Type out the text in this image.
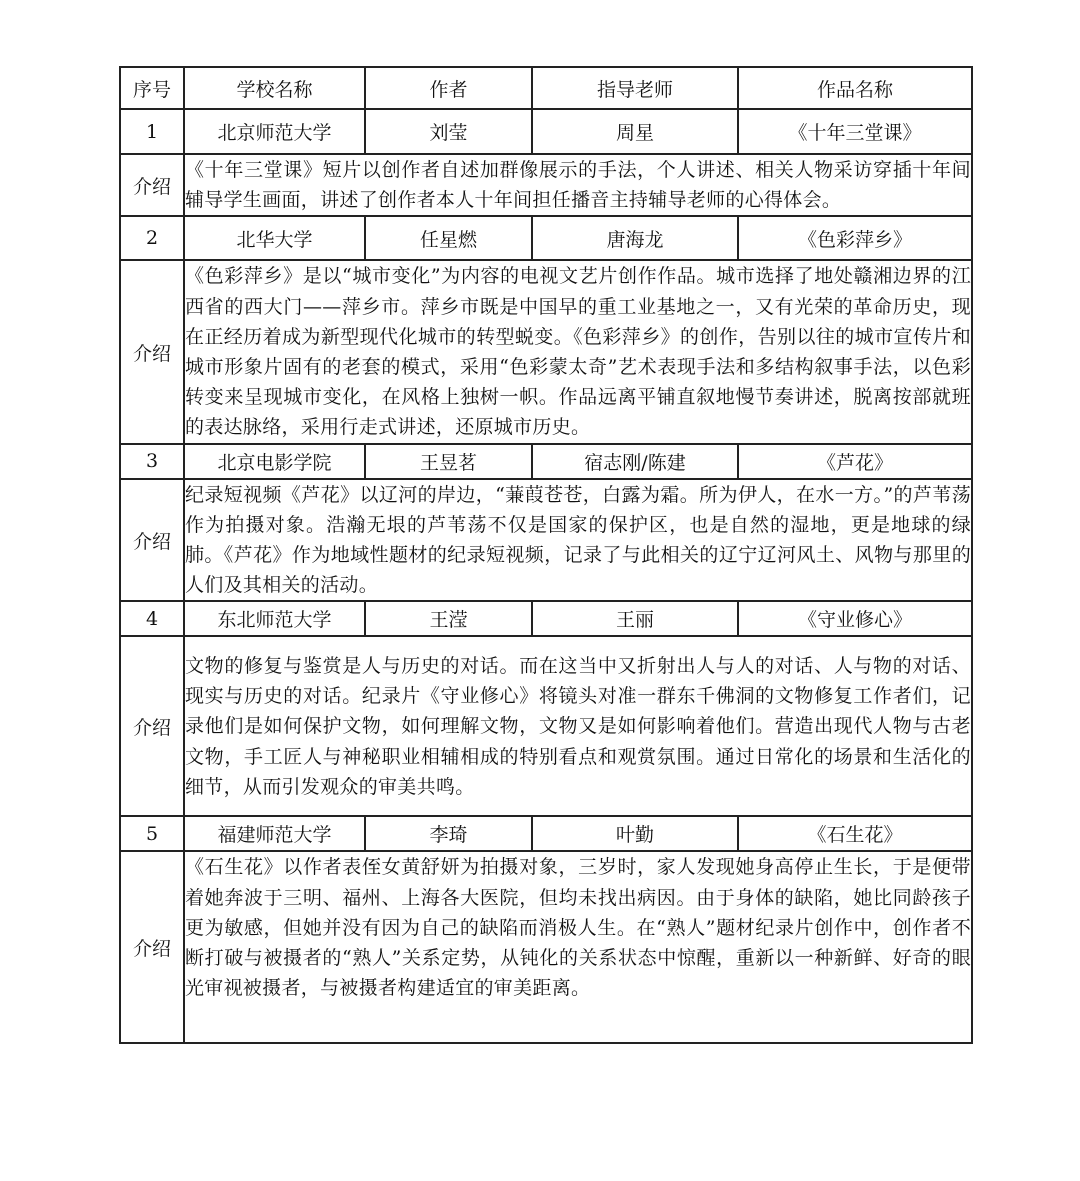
序号	学校名称	作者	指导老师	作品名称
1	北京师范大学	刘莹	周星	《十年三堂课》
介绍	《十年三堂课》短片以创作者自述加群像展示的手法，个人讲述、相关人物采访穿插十年间辅导学生画面，讲述了创作者本人十年间担任播音主持辅导老师的心得体会。			
2	北华大学	任星燃	唐海龙	《色彩萍乡》
介绍	《色彩萍乡》是以“城市变化”为内容的电视文艺片创作作品。城市选择了地处赣湘边界的江西省的西大门——萍乡市。萍乡市既是中国早的重工业基地之一，又有光荣的革命历史，现在正经历着成为新型现代化城市的转型蜕变。《色彩萍乡》的创作，告别以往的城市宣传片和城市形象片固有的老套的模式，采用“色彩蒙太奇”艺术表现手法和多结构叙事手法，以色彩转变来呈现城市变化，在风格上独树一帜。作品远离平铺直叙地慢节奏讲述，脱离按部就班的表达脉络，采用行走式讲述，还原城市历史。			
3	北京电影学院	王昱茗	宿志刚/陈建	《芦花》
介绍	纪录短视频《芦花》以辽河的岸边，“蒹葭苍苍，白露为霜。所为伊人，在水一方。”的芦苇荡作为拍摄对象。浩瀚无垠的芦苇荡不仅是国家的保护区，也是自然的湿地，更是地球的绿肺。《芦花》作为地域性题材的纪录短视频，记录了与此相关的辽宁辽河风土、风物与那里的人们及其相关的活动。			
4	东北师范大学	王滢	王丽	《守业修心》
介绍	文物的修复与鉴赏是人与历史的对话。而在这当中又折射出人与人的对话、人与物的对话、现实与历史的对话。纪录片《守业修心》将镜头对准一群东千佛洞的文物修复工作者们，记录他们是如何保护文物，如何理解文物，文物又是如何影响着他们。营造出现代人物与古老文物，手工匠人与神秘职业相辅相成的特别看点和观赏氛围。通过日常化的场景和生活化的细节，从而引发观众的审美共鸣。			
5	福建师范大学	李琦	叶勤	《石生花》
介绍	《石生花》以作者表侄女黄舒妍为拍摄对象，三岁时，家人发现她身高停止生长，于是便带着她奔波于三明、福州、上海各大医院，但均未找出病因。由于身体的缺陷，她比同龄孩子更为敏感，但她并没有因为自己的缺陷而消极人生。在“熟人”题材纪录片创作中，创作者不断打破与被摄者的“熟人”关系定势，从钝化的关系状态中惊醒，重新以一种新鲜、好奇的眼光审视被摄者，与被摄者构建适宜的审美距离。			
